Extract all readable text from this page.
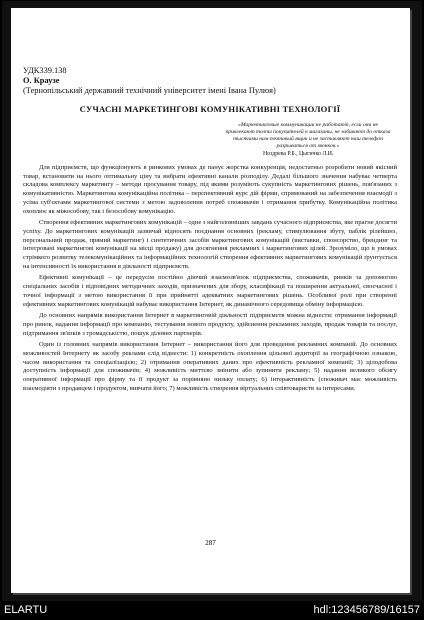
УДК339.138
О. Краузе
(Тернопільський державний технічний університет імені Івана Пулюя)
СУЧАСНІ МАРКЕТИНГОВІ КОМУНІКАТИВНІ ТЕХНОЛОГІЇ
«Маркетинговые коммуникации не работают, если они не привлекают толпы покупателей в магазины, не забивают до отказа тысячами нам почтовый ящик и не заставляют наш телефон разрываться от звонков.»
Ноздрева Р.Б., Цыгичко Л.И.

Для підприємств, що функціонують в ринкових умовах де панує жорстка конкуренція, недостатньо розробити новий якісний товар, встановити на нього оптимальну ціну та вибрати ефективні канали розподілу. Дедалі більшого значення набуває четверта складова комплексу маркетингу – методи просування товару, під якими розуміють сукупність маркетингових рішень, пов'язаних з комунікативністю. Маркетингова комунікаційна політика – перспективний курс дій фірми, спрямований на забезпечення взаємодії з усіма суб'єктами маркетингової системи з метою задоволення потреб споживачів і отримання прибутку. Комунікаційна політика охоплює як міжособову, так і безособову комунікацію.

Створення ефективних маркетингових комунікацій – одне з найголовніших завдань сучасного підприємства, яке прагне досягти успіху. До маркетингових комунікацій зазвичай відносять поєднання основних (рекламу, стимулювання збуту, паблік рілейшнз, персональний продаж, прямий маркетинг) і синтетичних засобів маркетингових комунікацій (виставки, спонсорство, брендинг та інтегровані маркетингові комунікації на місці продажу) для досягнення рекламних і маркетингових цілей. Зрозуміло, що в умовах стрімкого розвитку телекомунікаційних та інформаційних технологій створення ефективних маркетингових комунікацій ґрунтується на інтенсивності їх використання в діяльності підприємств.

Ефективні комунікації – це передусім постійно діючий взаємозв'язок підприємства, споживачів, ринків за допомогою спеціальних засобів і відповідних методичних заходів, призначених для збору, класифікації та поширення актуальної, своєчасної і точної інформації з метою використання її при прийнятті адекватних маркетингових рішень. Особливої ролі при створенні ефективних маркетингових комунікацій набуває використання Інтернет, як динамічного середовища обміну інформацією.

До основних напрямів використання Інтернет в маркетинговій діяльності підприємств можна віднести: отримання інформації про ринок, надання інформації про компанію, тестування нового продукту, здійснення рекламних заходів, продаж товарів та послуг, підтримання зв'язків з громадськістю, пошук ділових партнерів.

Один із головних напрямів використання Інтернет – використання його для проведення рекламних компаній. До основних можливостей Інтернету як засобу реклами слід віднести: 1) конкретність охоплення цільової аудиторії за географічною ознакою, часом використання та спеціалізацією; 2) отримання оперативних даних про ефективність рекламної компанії; 3) цілодобова доступність інформації для споживачів; 4) можливість миттєво змінити або зупинити рекламу; 5) надання великого обсягу оперативної інформації про фірму та її продукт за порівняно низьку оплату; 6) інтерактивність (споживач має можливість взаємодіяти з продавцем і продуктом, вивчати його; 7) можливість створення віртуальних співтовариств за інтересами.

287
ELARTU	hdl:123456789/16157
